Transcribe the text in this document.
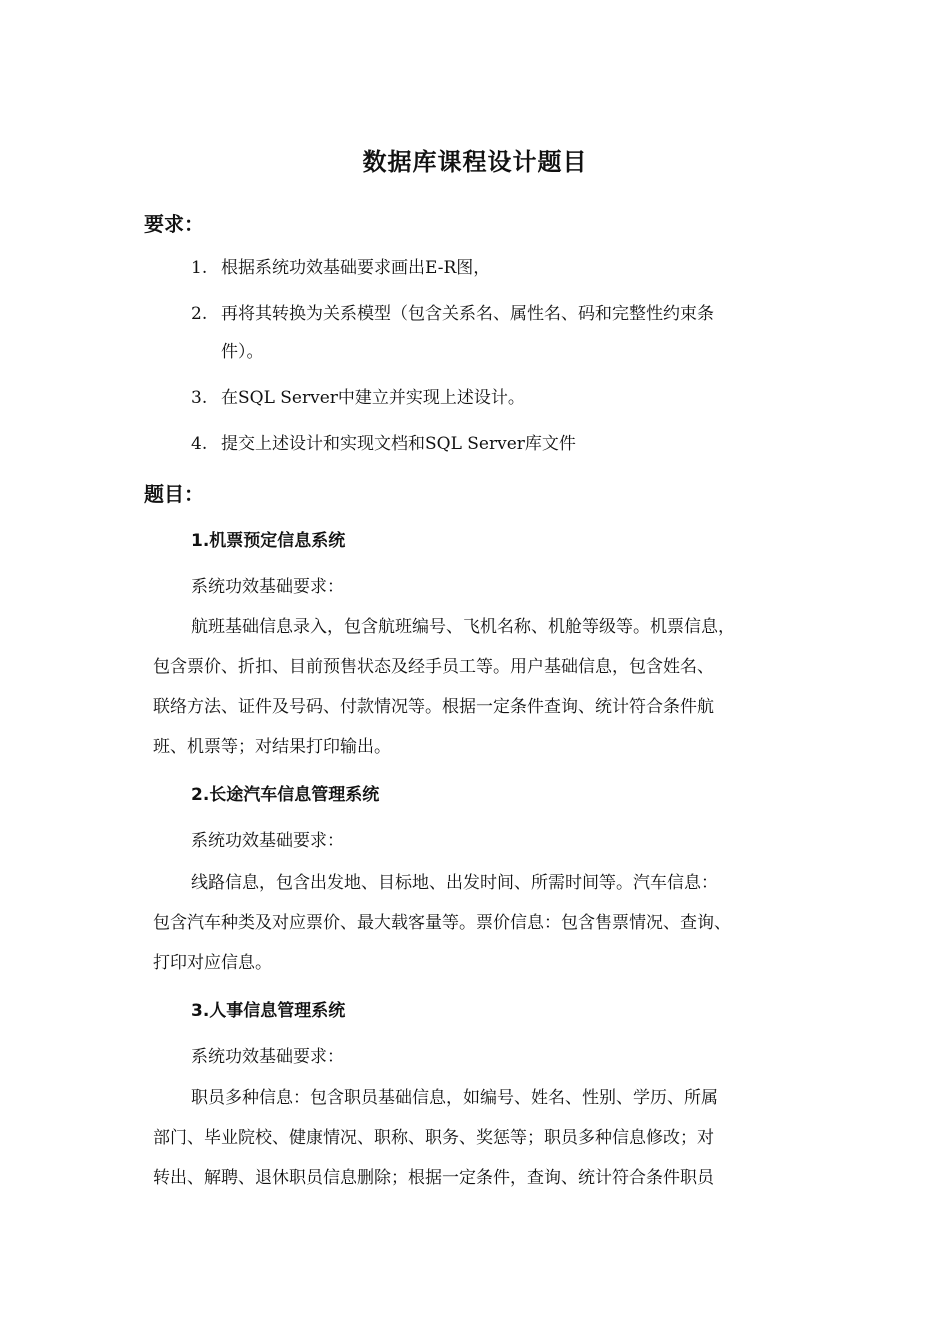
数据库课程设计题目
要求：
1. 根据系统功效基础要求画出E-R图，
2. 再将其转换为关系模型（包含关系名、属性名、码和完整性约束条
件）。
3. 在SQL Server中建立并实现上述设计。
4. 提交上述设计和实现文档和SQL Server库文件
题目：
1.机票预定信息系统
系统功效基础要求：
航班基础信息录入，包含航班编号、飞机名称、机舱等级等。机票信息，
包含票价、折扣、目前预售状态及经手员工等。用户基础信息，包含姓名、
联络方法、证件及号码、付款情况等。根据一定条件查询、统计符合条件航
班、机票等；对结果打印输出。
2.长途汽车信息管理系统
系统功效基础要求：
线路信息，包含出发地、目标地、出发时间、所需时间等。汽车信息：
包含汽车种类及对应票价、最大载客量等。票价信息：包含售票情况、查询、
打印对应信息。
3.人事信息管理系统
系统功效基础要求：
职员多种信息：包含职员基础信息，如编号、姓名、性别、学历、所属
部门、毕业院校、健康情况、职称、职务、奖惩等；职员多种信息修改；对
转出、解聘、退休职员信息删除；根据一定条件，查询、统计符合条件职员
